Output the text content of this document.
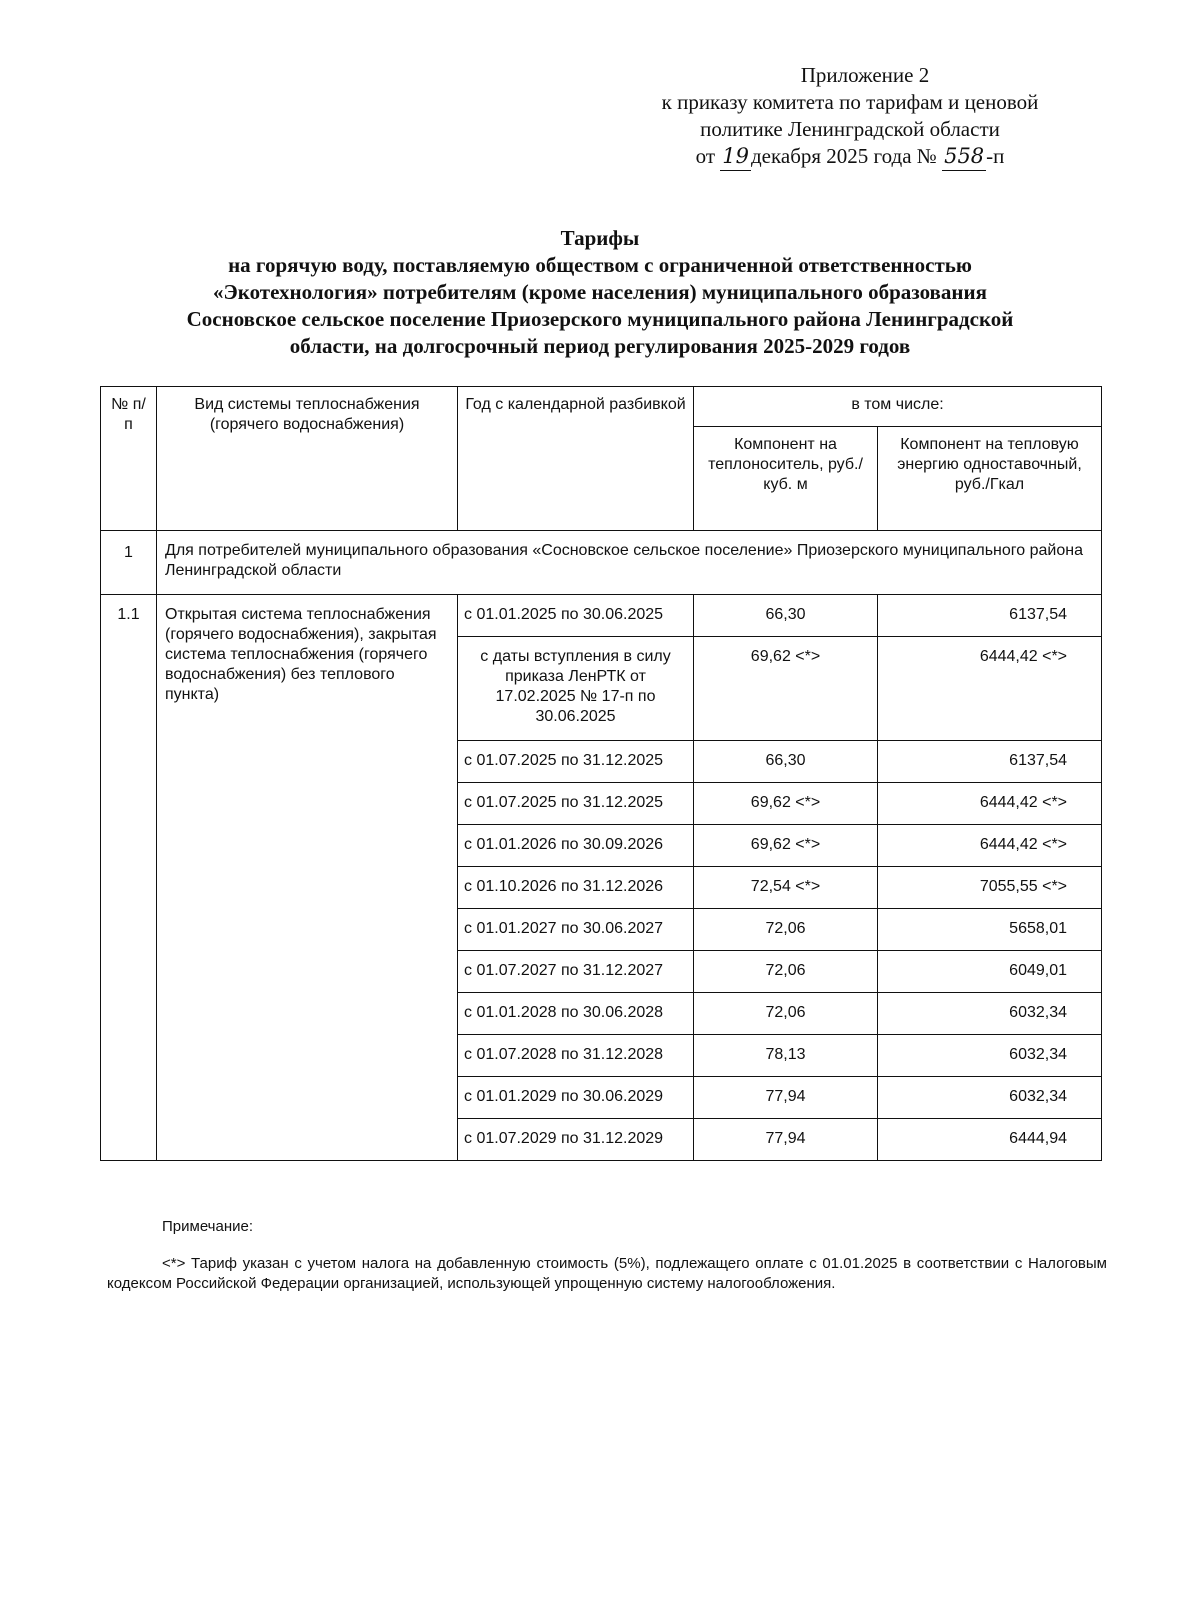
Приложение 2
к приказу комитета по тарифам и ценовой
политике Ленинградской области
от 19декабря 2025 года № 558-п
Тарифы
на горячую воду, поставляемую обществом с ограниченной ответственностью
«Экотехнология» потребителям (кроме населения) муниципального образования
Сосновское сельское поселение Приозерского муниципального района Ленинградской
области, на долгосрочный период регулирования 2025-2029 годов
№ п/п	Вид системы теплоснабжения (горячего водоснабжения)	Год с календарной разбивкой	в том числе:	
			Компонент на теплоноситель, руб./куб. м	Компонент на тепловую энергию одноставочный, руб./Гкал
1	Для потребителей муниципального образования «Сосновское сельское поселение» Приозерского муниципального района Ленинградской области			
1.1	Открытая система теплоснабжения (горячего водоснабжения), закрытая система теплоснабжения (горячего водоснабжения) без теплового пункта)	с 01.01.2025 по 30.06.2025	66,30	6137,54
		с даты вступления в силу приказа ЛенРТК от 17.02.2025 № 17-п по 30.06.2025	69,62 <*>	6444,42 <*>
		с 01.07.2025 по 31.12.2025	66,30	6137,54
		с 01.07.2025 по 31.12.2025	69,62 <*>	6444,42 <*>
		с 01.01.2026 по 30.09.2026	69,62 <*>	6444,42 <*>
		с 01.10.2026 по 31.12.2026	72,54 <*>	7055,55 <*>
		с 01.01.2027 по 30.06.2027	72,06	5658,01
		с 01.07.2027 по 31.12.2027	72,06	6049,01
		с 01.01.2028 по 30.06.2028	72,06	6032,34
		с 01.07.2028 по 31.12.2028	78,13	6032,34
		с 01.01.2029 по 30.06.2029	77,94	6032,34
		с 01.07.2029 по 31.12.2029	77,94	6444,94
Примечание:
<*> Тариф указан с учетом налога на добавленную стоимость (5%), подлежащего оплате с 01.01.2025 в соответствии с Налоговым кодексом Российской Федерации организацией, использующей упрощенную систему налогообложения.
